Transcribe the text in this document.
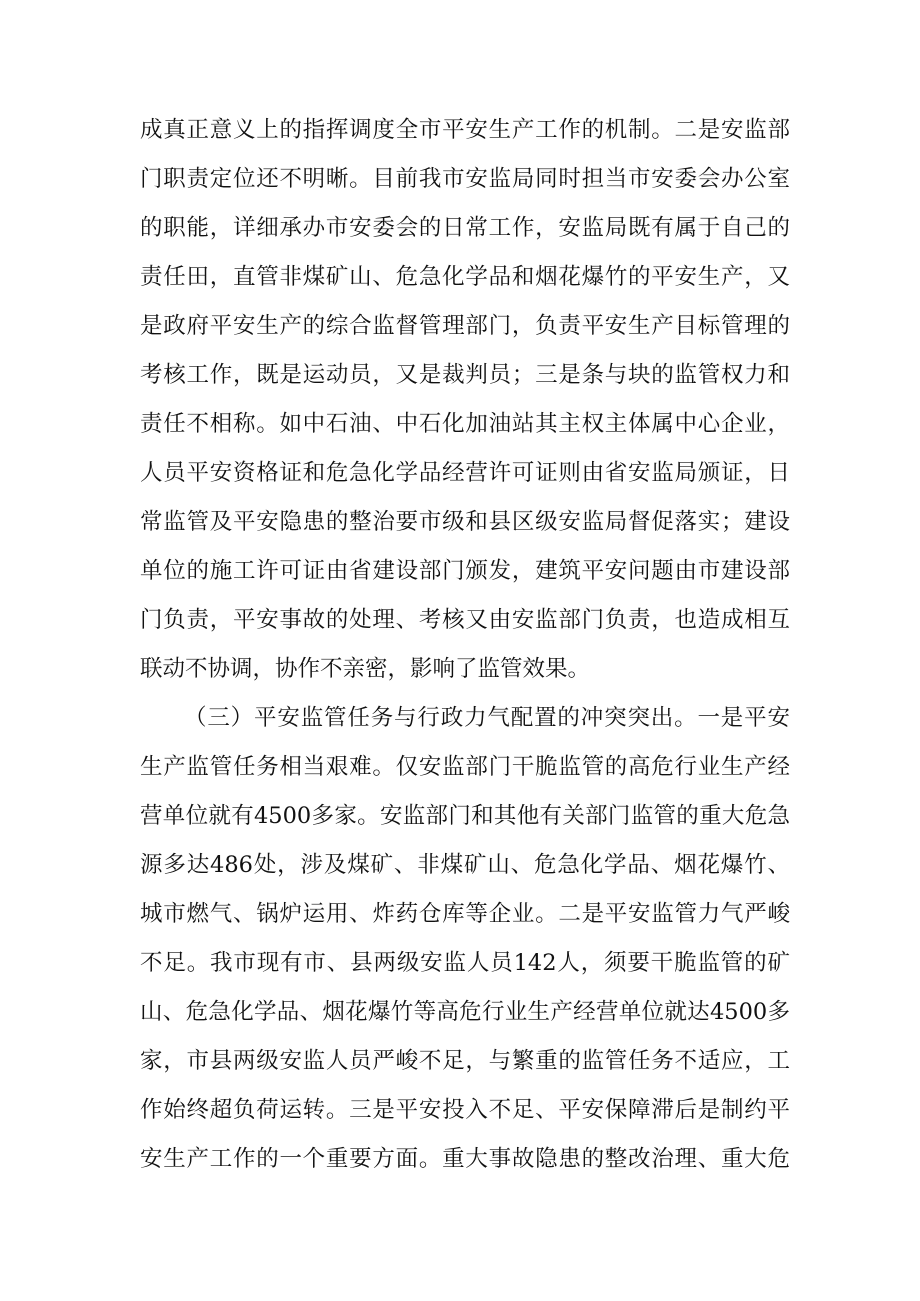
成真正意义上的指挥调度全市平安生产工作的机制。二是安监部
门职责定位还不明晰。目前我市安监局同时担当市安委会办公室
的职能，详细承办市安委会的日常工作，安监局既有属于自己的
责任田，直管非煤矿山、危急化学品和烟花爆竹的平安生产，又
是政府平安生产的综合监督管理部门，负责平安生产目标管理的
考核工作，既是运动员，又是裁判员；三是条与块的监管权力和
责任不相称。如中石油、中石化加油站其主权主体属中心企业，
人员平安资格证和危急化学品经营许可证则由省安监局颁证，日
常监管及平安隐患的整治要市级和县区级安监局督促落实；建设
单位的施工许可证由省建设部门颁发，建筑平安问题由市建设部
门负责，平安事故的处理、考核又由安监部门负责，也造成相互
联动不协调，协作不亲密，影响了监管效果。
（三）平安监管任务与行政力气配置的冲突突出。一是平安
生产监管任务相当艰难。仅安监部门干脆监管的高危行业生产经
营单位就有4500多家。安监部门和其他有关部门监管的重大危急
源多达486处，涉及煤矿、非煤矿山、危急化学品、烟花爆竹、
城市燃气、锅炉运用、炸药仓库等企业。二是平安监管力气严峻
不足。我市现有市、县两级安监人员142人，须要干脆监管的矿
山、危急化学品、烟花爆竹等高危行业生产经营单位就达4500多
家，市县两级安监人员严峻不足，与繁重的监管任务不适应，工
作始终超负荷运转。三是平安投入不足、平安保障滞后是制约平
安生产工作的一个重要方面。重大事故隐患的整改治理、重大危
